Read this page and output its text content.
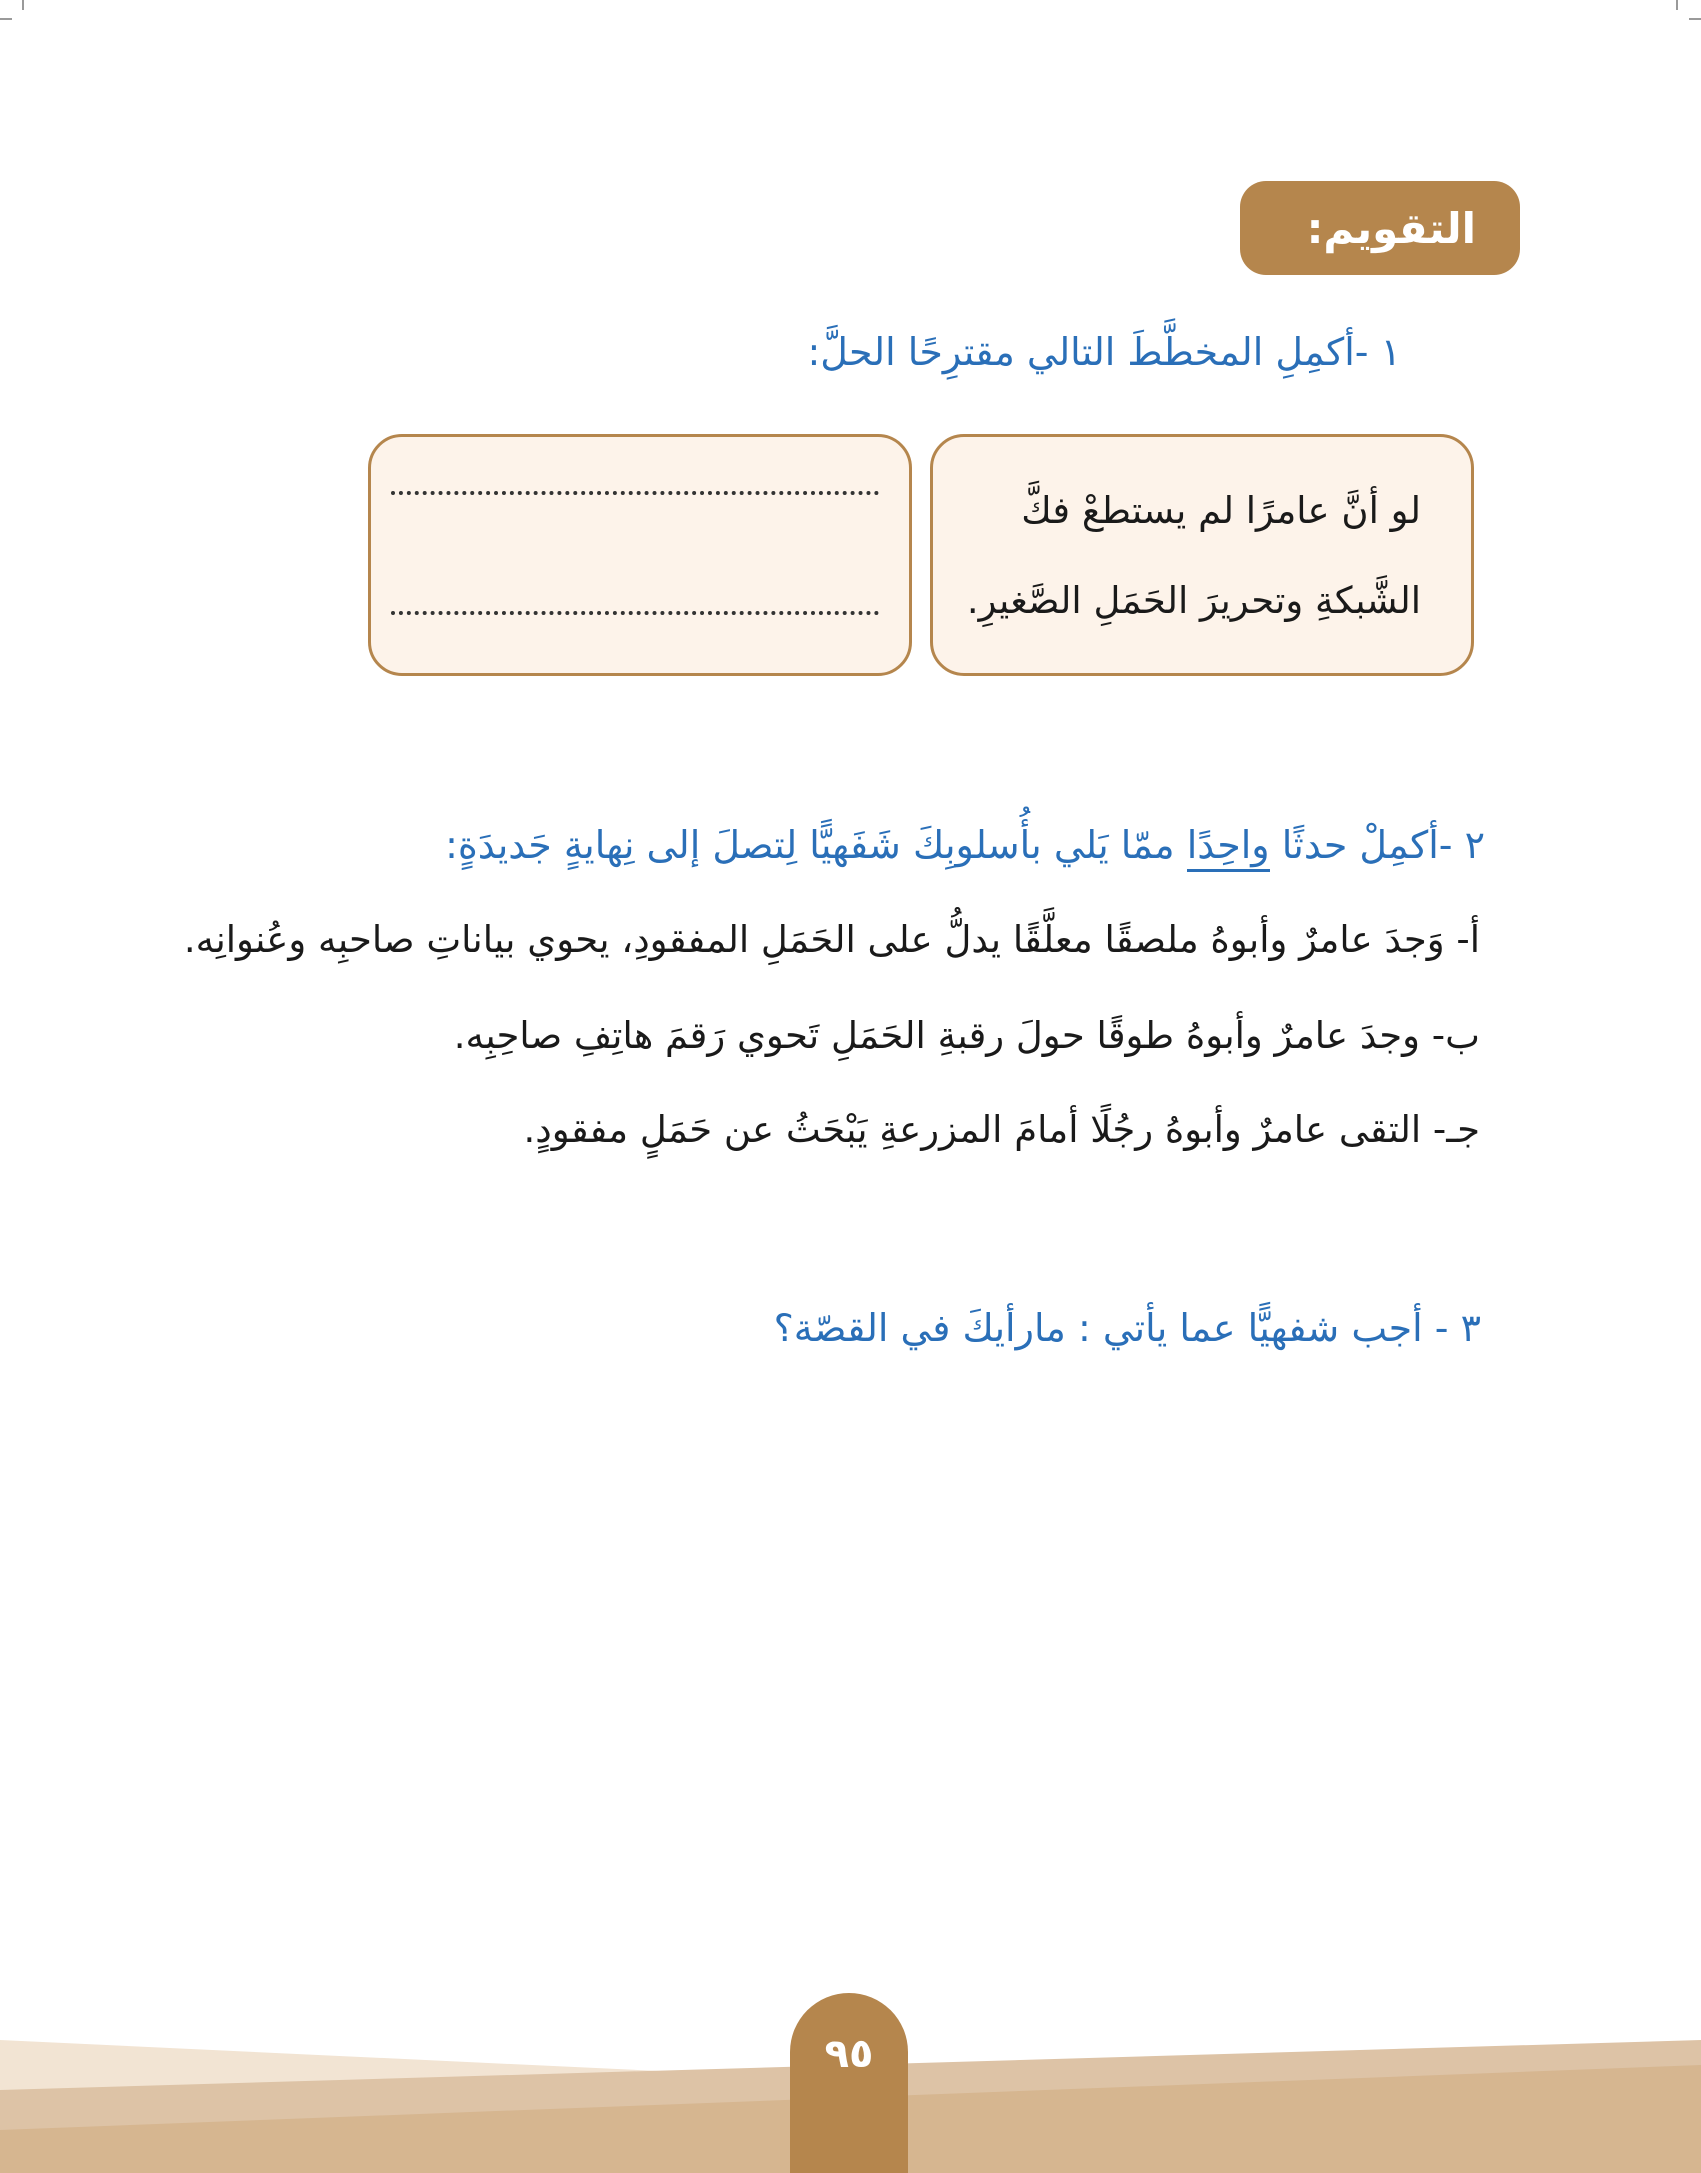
التقويم:
١ -أكمِلِ المخطَّطَ التالي مقترِحًا الحلَّ:
لو أنَّ عامرًا لم يستطعْ فكَّ
الشَّبكةِ وتحريرَ الحَمَلِ الصَّغيرِ.
٢ -أكمِلْ حدثًا واحِدًا ممّا يَلي بأُسلوبِكَ شَفَهيًّا لِتصلَ إلى نِهايةٍ جَديدَةٍ:
أ- وَجدَ عامرٌ وأبوهُ ملصقًا معلَّقًا يدلُّ على الحَمَلِ المفقودِ، يحوي بياناتِ صاحبِه وعُنوانِه.
ب- وجدَ عامرٌ وأبوهُ طوقًا حولَ رقبةِ الحَمَلِ تَحوي رَقمَ هاتِفِ صاحِبِه.
جـ- التقى عامرٌ وأبوهُ رجُلًا أمامَ المزرعةِ يَبْحَثُ عن حَمَلٍ مفقودٍ.
٣ - أجب شفهيًّا عما يأتي : مارأيكَ في القصّة؟
٩٥
